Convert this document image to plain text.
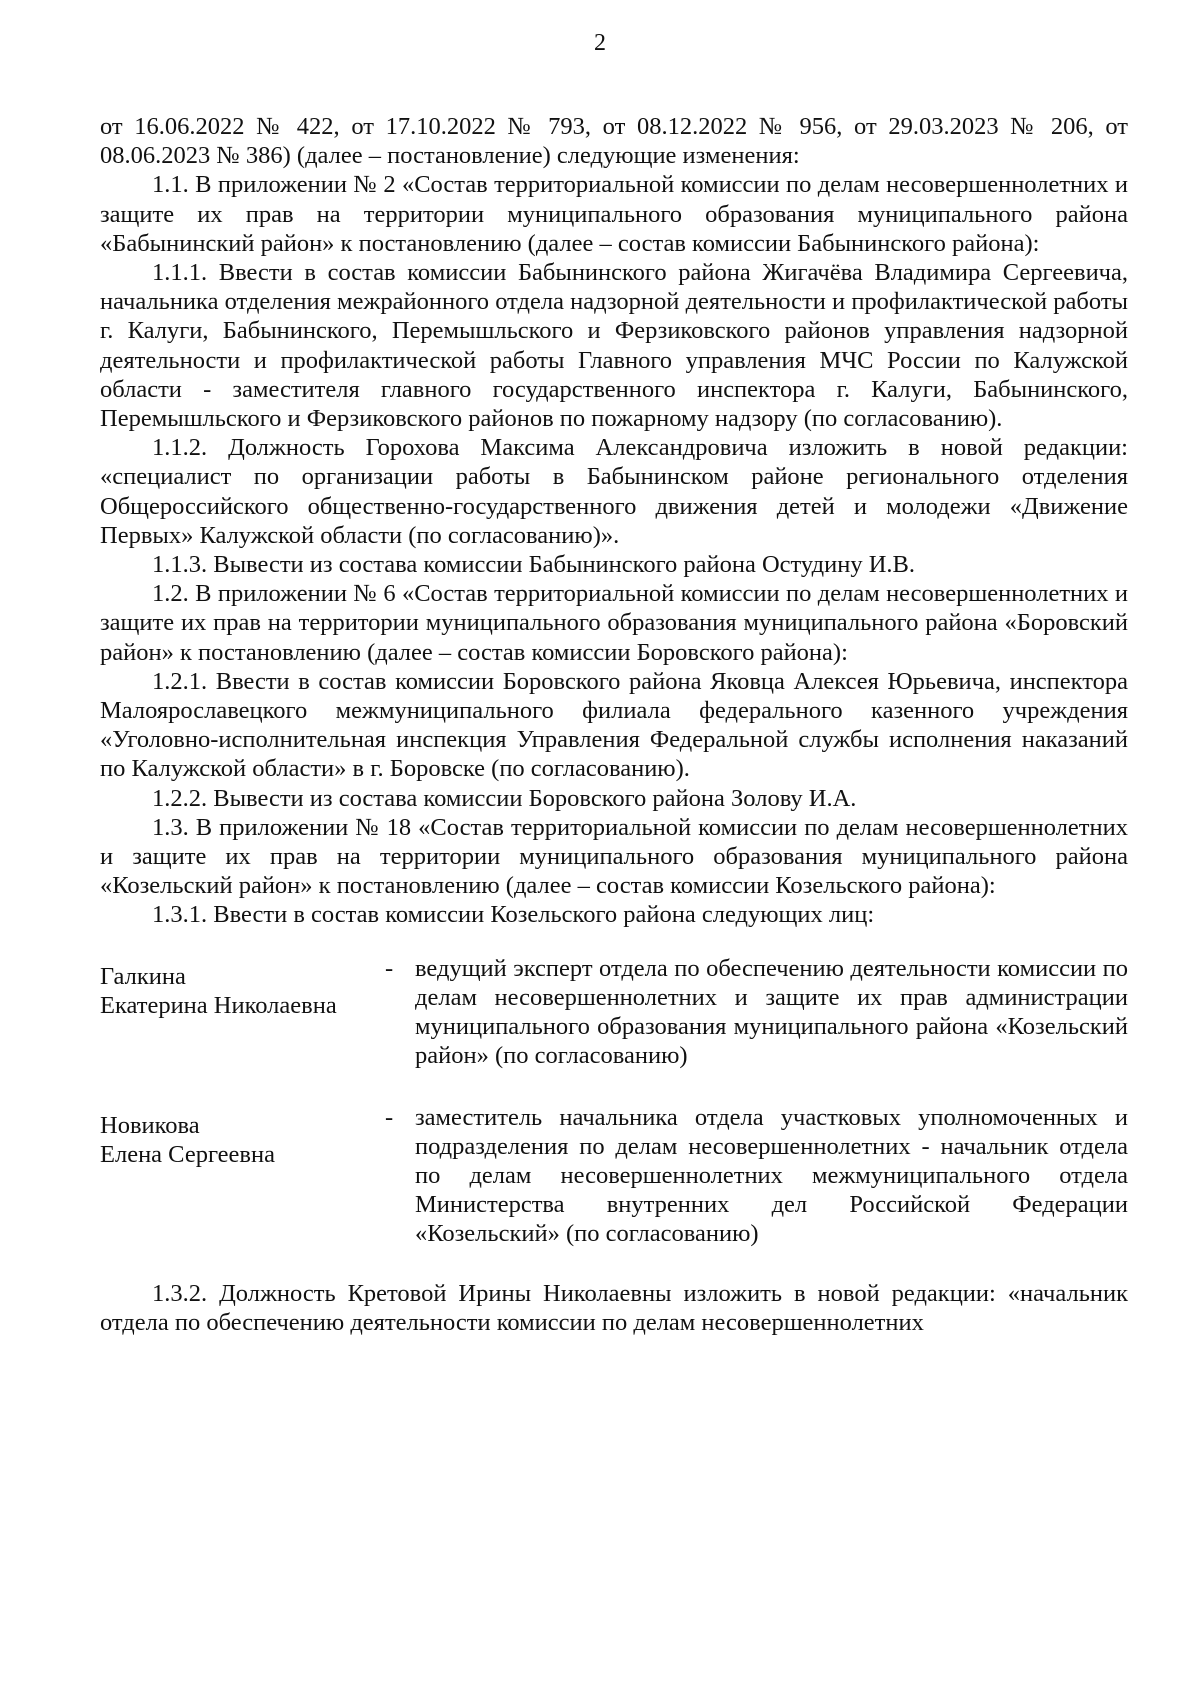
2

от 16.06.2022 № 422, от 17.10.2022 № 793, от 08.12.2022 № 956, от 29.03.2023 № 206, от 08.06.2023 № 386) (далее – постановление) следующие изменения:

1.1. В приложении № 2 «Состав территориальной комиссии по делам несовершеннолетних и защите их прав на территории муниципального образования муниципального района «Бабынинский район» к постановлению (далее – состав комиссии Бабынинского района):

1.1.1. Ввести в состав комиссии Бабынинского района Жигачёва Владимира Сергеевича, начальника отделения межрайонного отдела надзорной деятельности и профилактической работы г. Калуги, Бабынинского, Перемышльского и Ферзиковского районов управления надзорной деятельности и профилактической работы Главного управления МЧС России по Калужской области - заместителя главного государственного инспектора г. Калуги, Бабынинского, Перемышльского и Ферзиковского районов по пожарному надзору (по согласованию).

1.1.2. Должность Горохова Максима Александровича изложить в новой редакции: «специалист по организации работы в Бабынинском районе регионального отделения Общероссийского общественно-государственного движения детей и молодежи «Движение Первых» Калужской области (по согласованию)».

1.1.3. Вывести из состава комиссии Бабынинского района Остудину И.В.

1.2. В приложении № 6 «Состав территориальной комиссии по делам несовершеннолетних и защите их прав на территории муниципального образования муниципального района «Боровский район» к постановлению (далее – состав комиссии Боровского района):

1.2.1. Ввести в состав комиссии Боровского района Яковца Алексея Юрьевича, инспектора Малоярославецкого межмуниципального филиала федерального казенного учреждения «Уголовно-исполнительная инспекция Управления Федеральной службы исполнения наказаний по Калужской области» в г. Боровске (по согласованию).

1.2.2. Вывести из состава комиссии Боровского района Золову И.А.

1.3. В приложении № 18 «Состав территориальной комиссии по делам несовершеннолетних и защите их прав на территории муниципального образования муниципального района «Козельский район» к постановлению (далее – состав комиссии Козельского района):

1.3.1. Ввести в состав комиссии Козельского района следующих лиц:

Галкина
Екатерина Николаевна
- ведущий эксперт отдела по обеспечению деятельности комиссии по делам несовершеннолетних и защите их прав администрации муниципального образования муниципального района «Козельский район» (по согласованию)
Новикова
Елена Сергеевна
- заместитель начальника отдела участковых уполномоченных и подразделения по делам несовершеннолетних - начальник отдела по делам несовершеннолетних межмуниципального отдела Министерства внутренних дел Российской Федерации «Козельский» (по согласованию)

1.3.2. Должность Кретовой Ирины Николаевны изложить в новой редакции: «начальник отдела по обеспечению деятельности комиссии по делам несовершеннолетних
